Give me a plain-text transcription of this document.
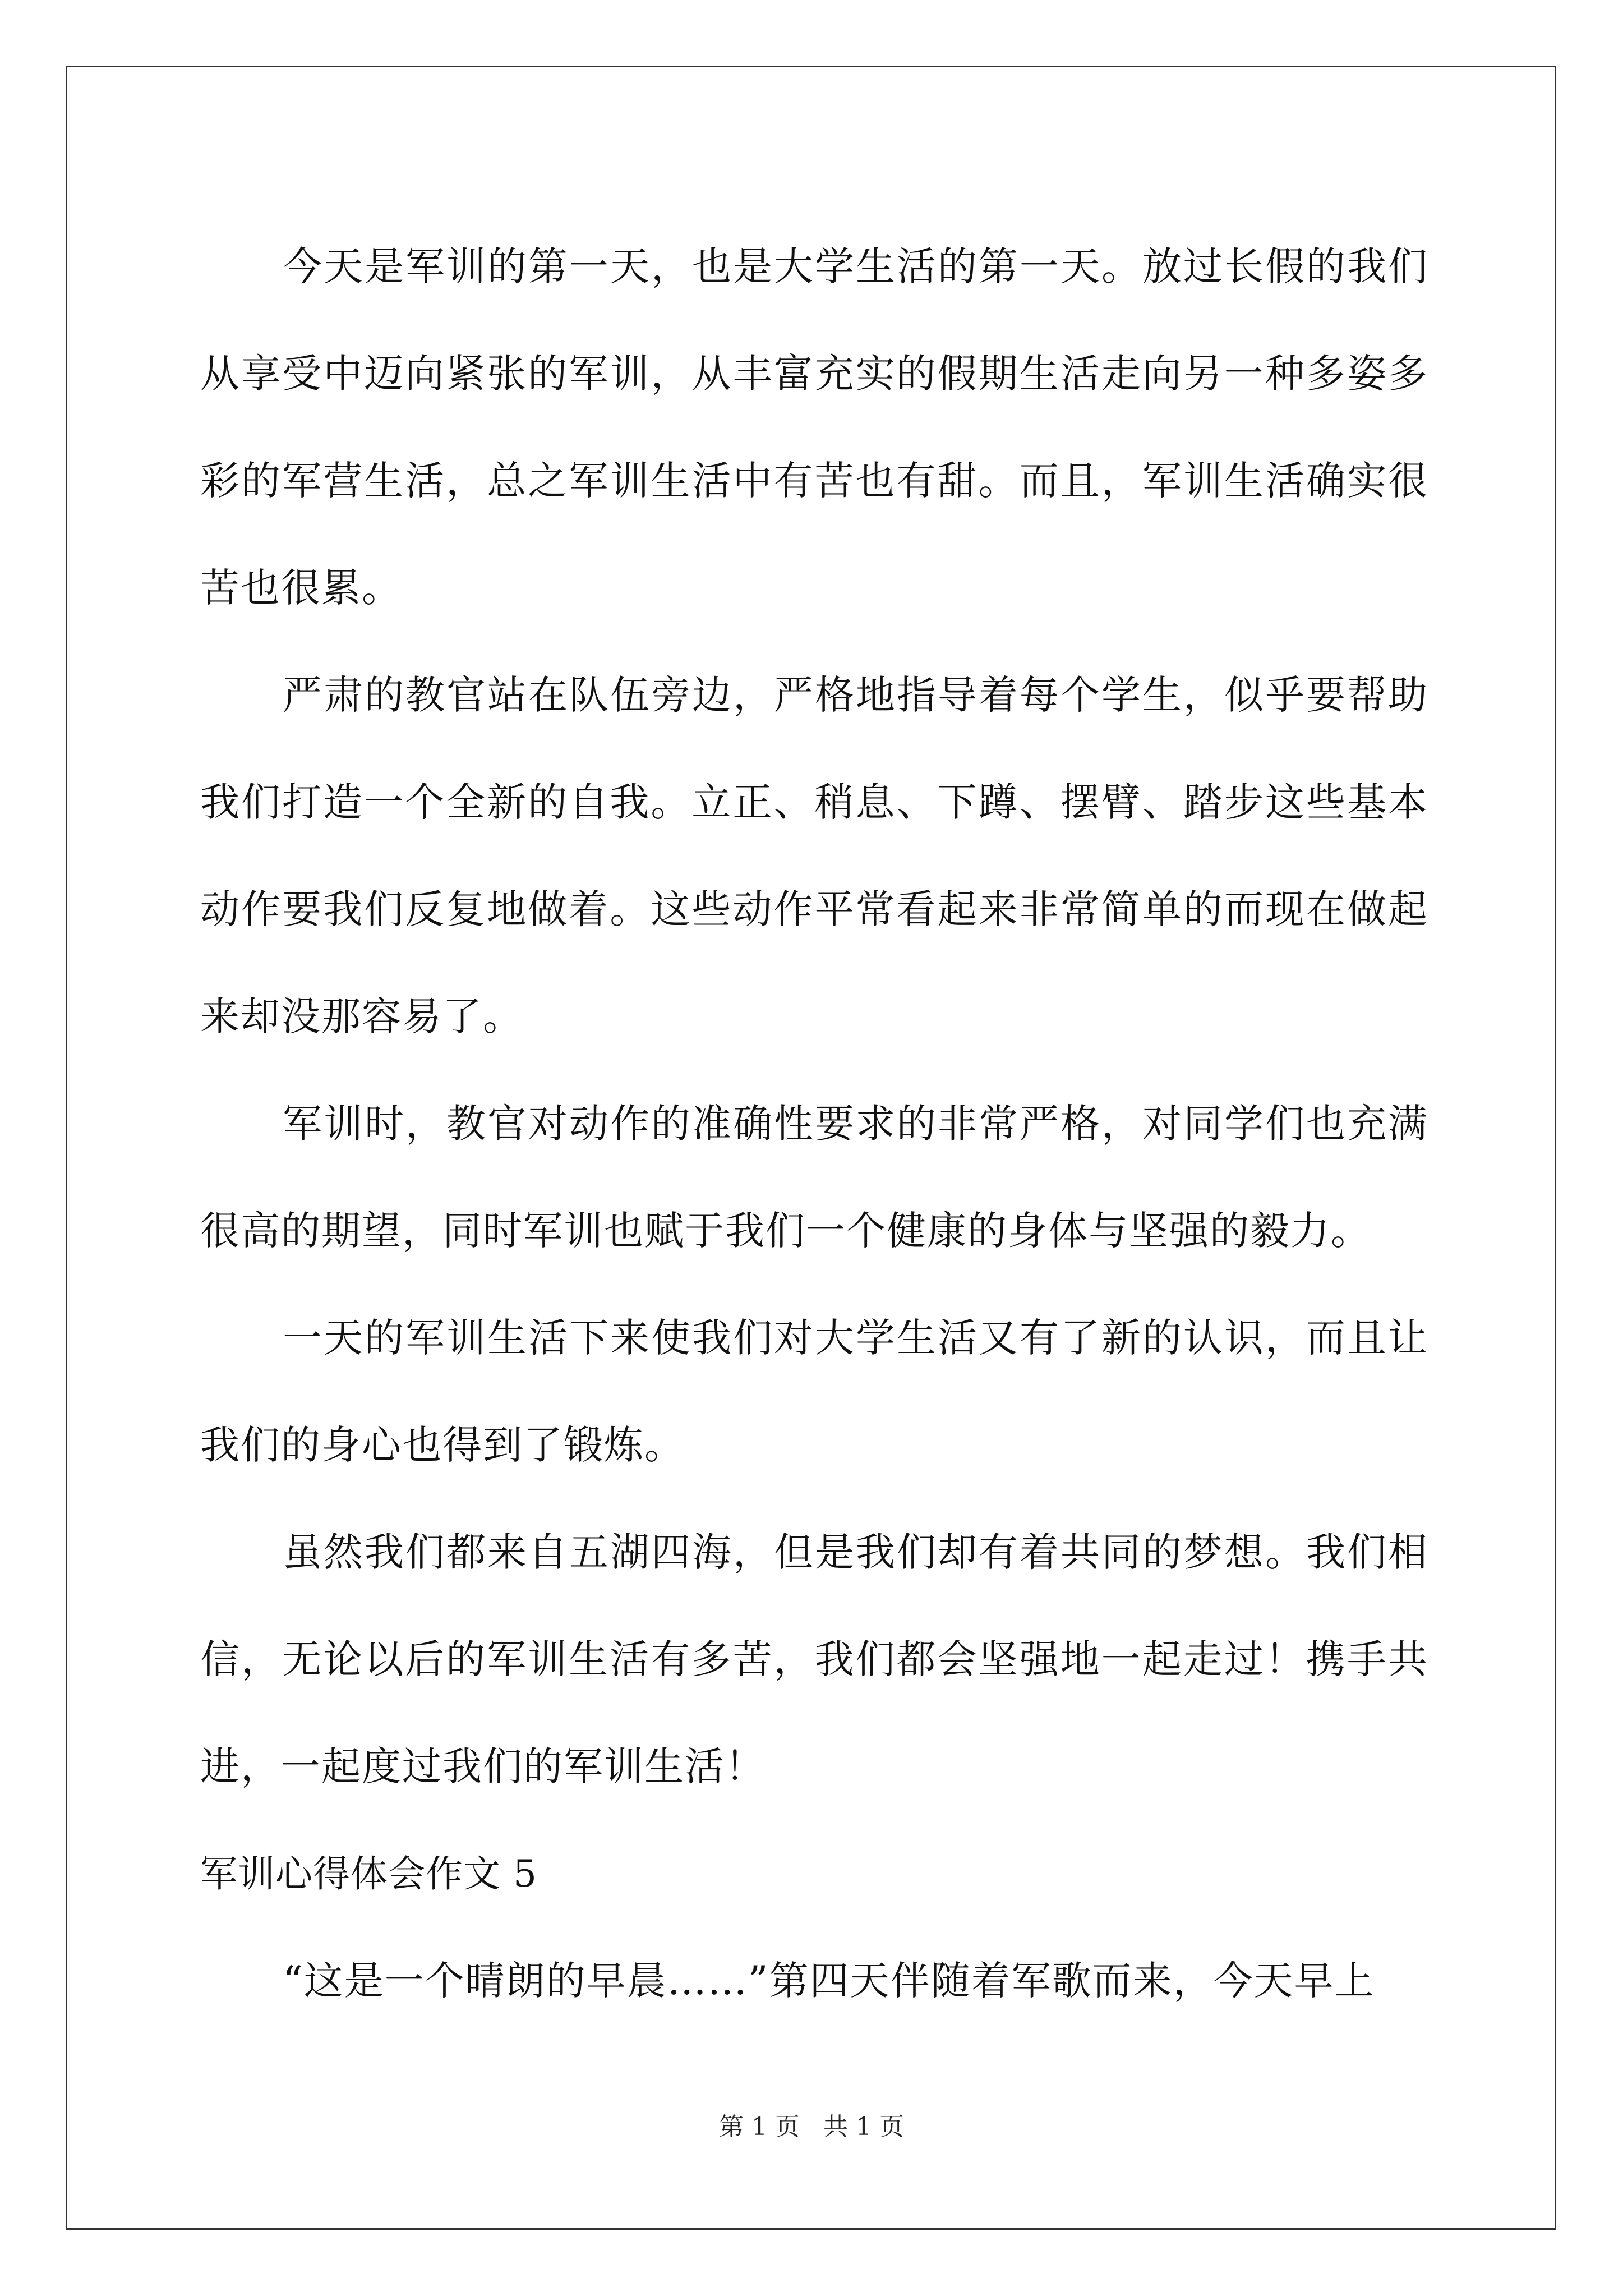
今天是军训的第一天，也是大学生活的第一天。放过长假的我们从享受中迈向紧张的军训，从丰富充实的假期生活走向另一种多姿多彩的军营生活，总之军训生活中有苦也有甜。而且，军训生活确实很苦也很累。

严肃的教官站在队伍旁边，严格地指导着每个学生，似乎要帮助我们打造一个全新的自我。立正、稍息、下蹲、摆臂、踏步这些基本动作要我们反复地做着。这些动作平常看起来非常简单的而现在做起来却没那容易了。

军训时，教官对动作的准确性要求的非常严格，对同学们也充满很高的期望，同时军训也赋于我们一个健康的身体与坚强的毅力。

一天的军训生活下来使我们对大学生活又有了新的认识，而且让我们的身心也得到了锻炼。

虽然我们都来自五湖四海，但是我们却有着共同的梦想。我们相信，无论以后的军训生活有多苦，我们都会坚强地一起走过！携手共进，一起度过我们的军训生活！

军训心得体会作文 5

“这是一个晴朗的早晨……”第四天伴随着军歌而来，今天早上

第 1 页   共 1 页
